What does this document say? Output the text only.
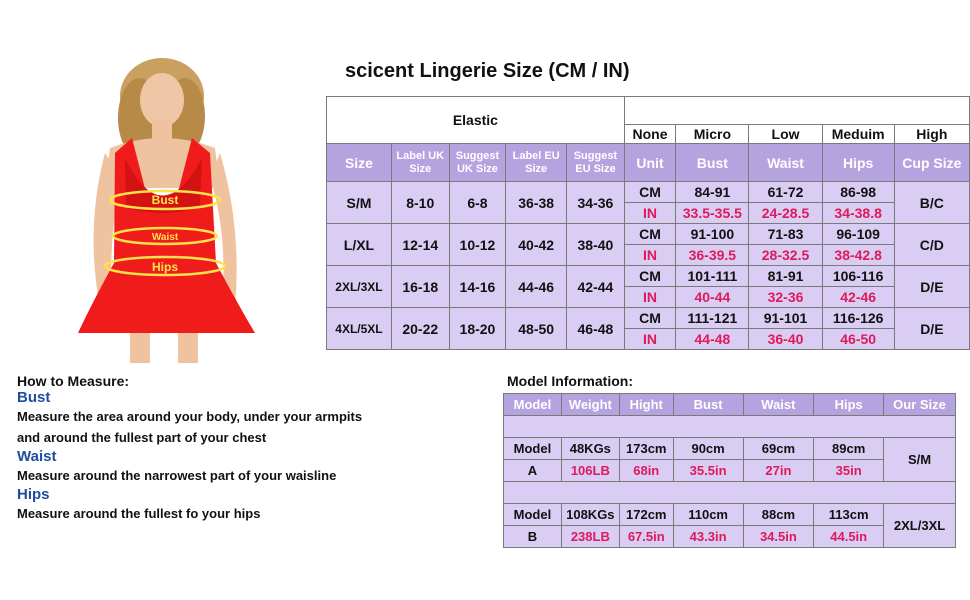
scicent Lingerie Size (CM / IN)
Bust
Waist
Hips
Elastic									
					None	Micro	Low	Meduim	High
Size	Label UK Size	Suggest UK Size	Label EU Size	Suggest EU Size	Unit	Bust	Waist	Hips	Cup Size
S/M	8-10	6-8	36-38	34-36	CM	84-91	61-72	86-98	B/C
					IN	33.5-35.5	24-28.5	34-38.8	
L/XL	12-14	10-12	40-42	38-40	CM	91-100	71-83	96-109	C/D
					IN	36-39.5	28-32.5	38-42.8	
2XL/3XL	16-18	14-16	44-46	42-44	CM	101-111	81-91	106-116	D/E
					IN	40-44	32-36	42-46	
4XL/5XL	20-22	18-20	48-50	46-48	CM	111-121	91-101	116-126	D/E
					IN	44-48	36-40	46-50	

How to Measure:

Bust

Measure the area around your body, under your armpits

and around the fullest part of your chest

Waist

Measure around the narrowest part of your waisline

Hips

Measure around the fullest fo your hips

Model Information:
Model	Weight	Hight	Bust	Waist	Hips	Our Size

Model	48KGs	173cm	90cm	69cm	89cm	S/M
A	106LB	68in	35.5in	27in	35in	

Model	108KGs	172cm	110cm	88cm	113cm	2XL/3XL
B	238LB	67.5in	43.3in	34.5in	44.5in	
